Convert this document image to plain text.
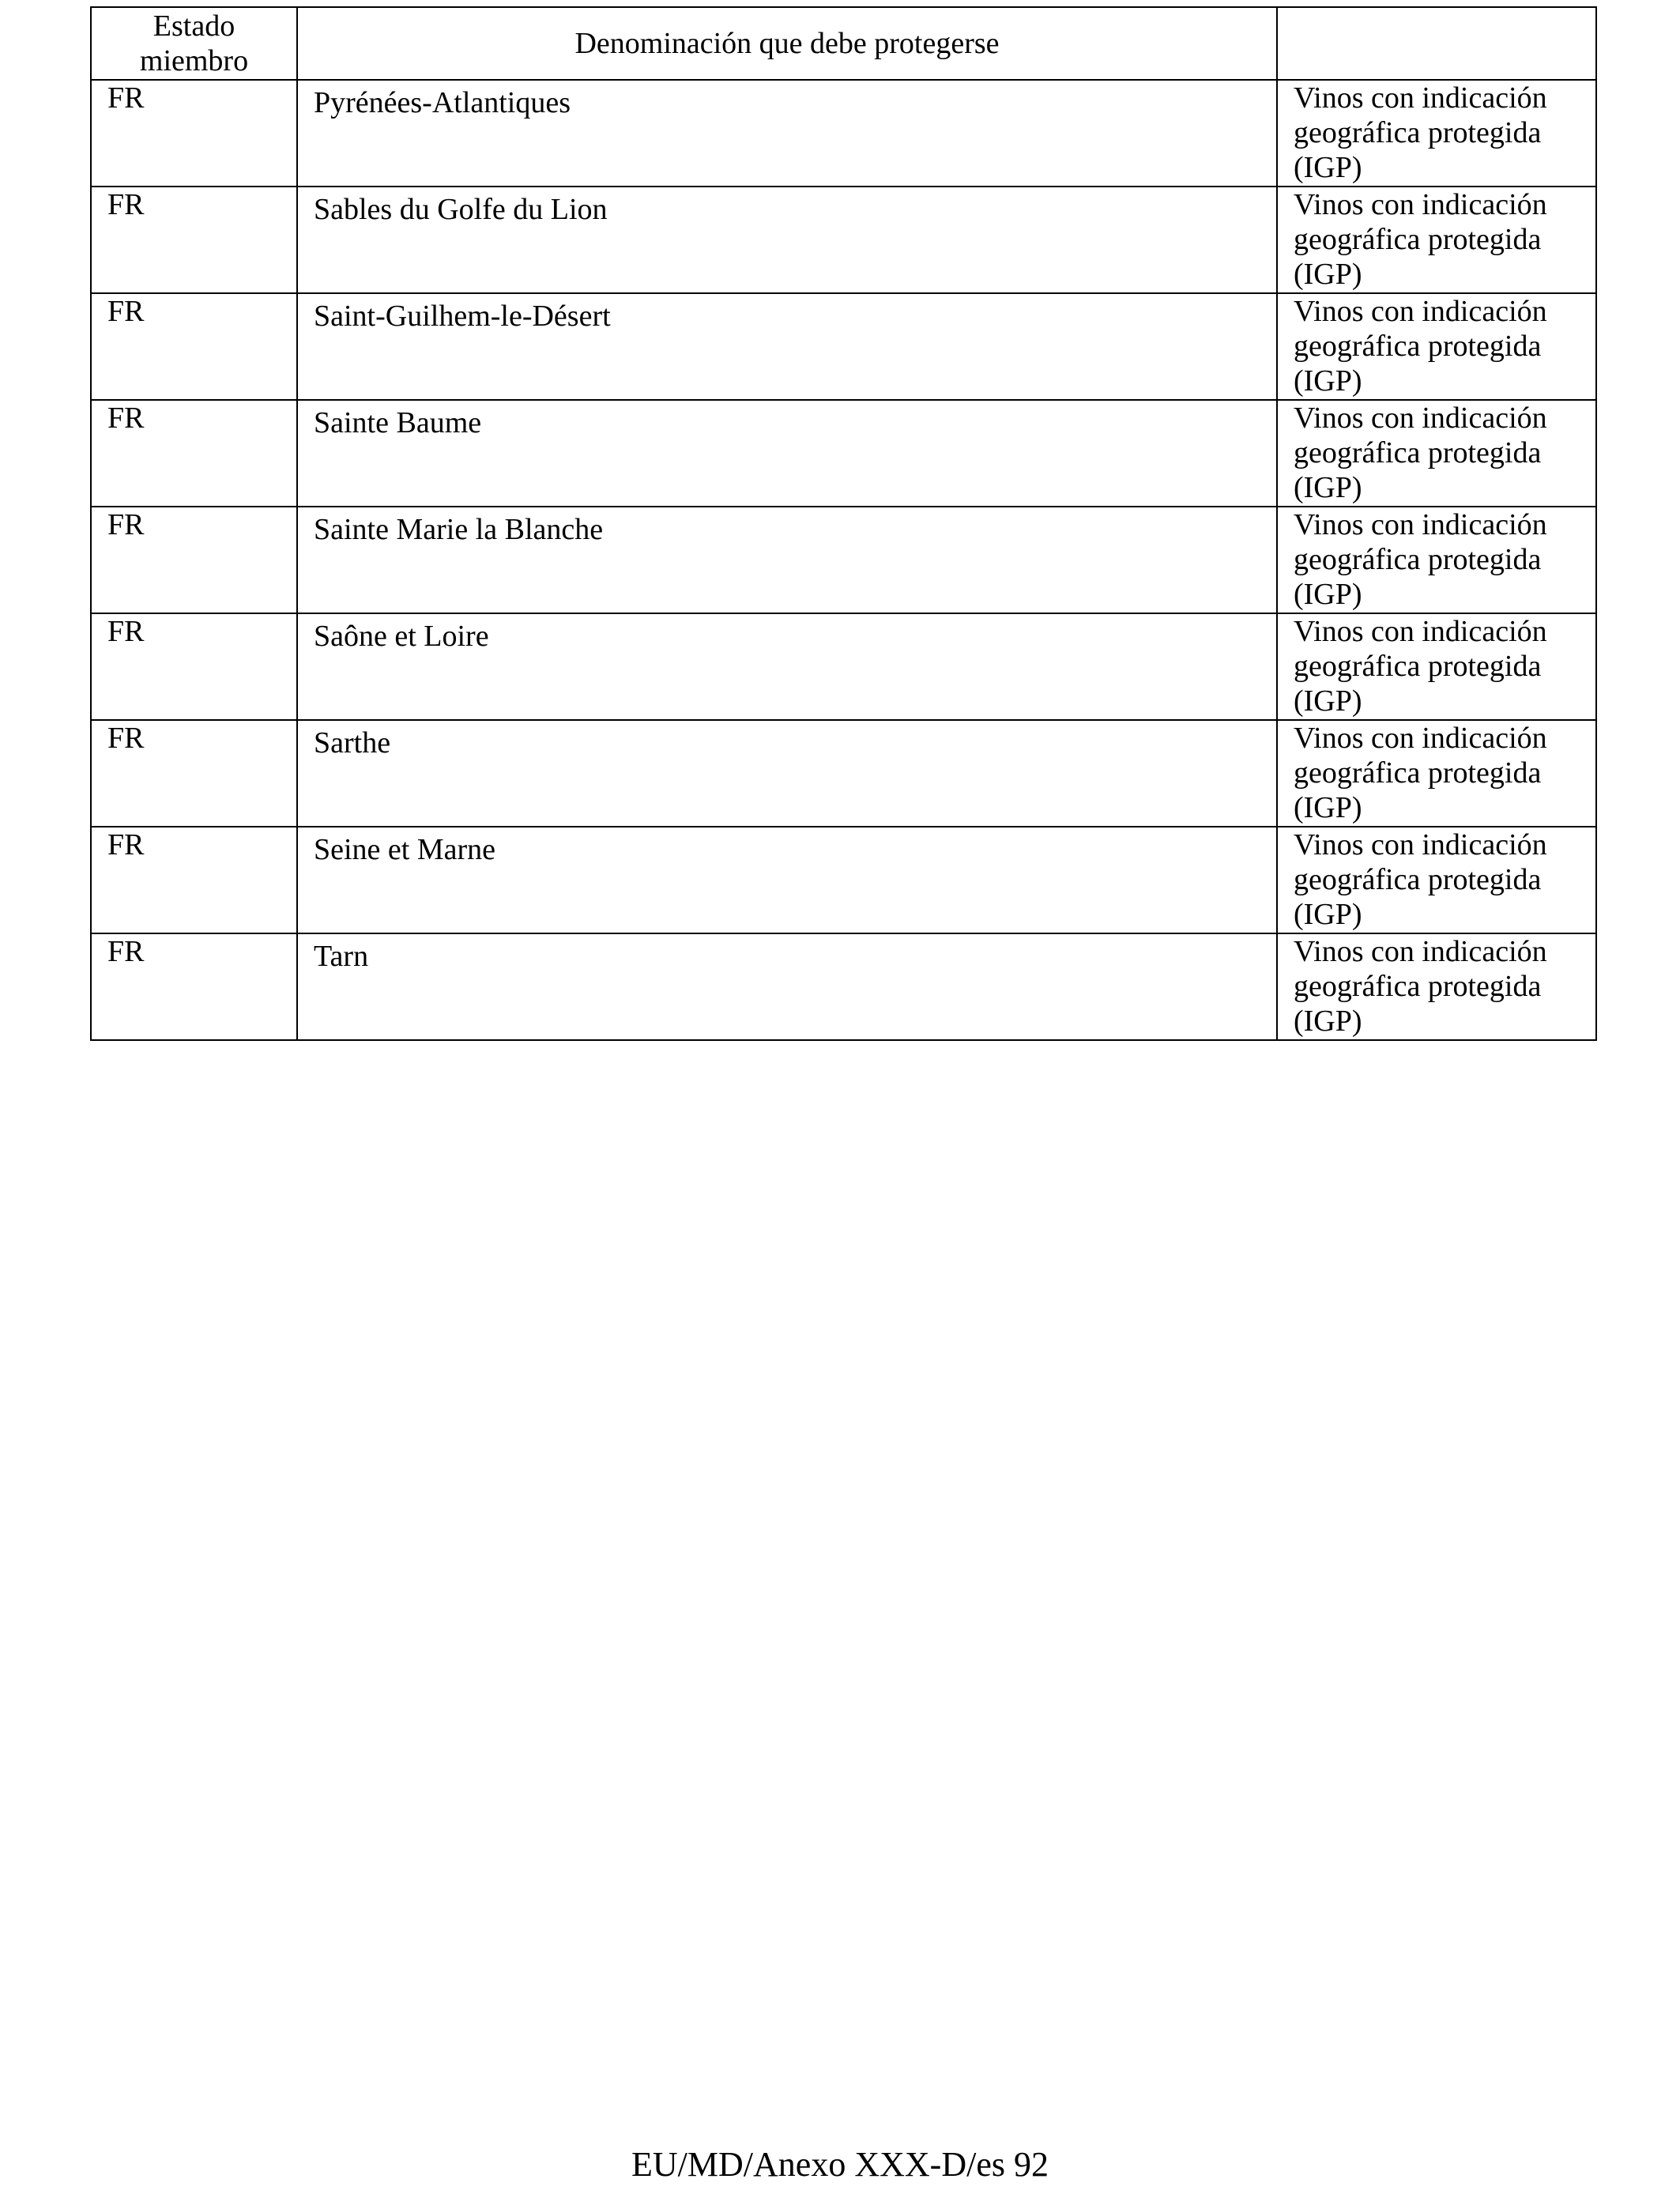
Estado miembro	Denominación que debe protegerse	

FR	Pyrénées-Atlantiques	Vinos con indicación geográfica protegida (IGP)

FR	Sables du Golfe du Lion	Vinos con indicación geográfica protegida (IGP)

FR	Saint-Guilhem-le-Désert	Vinos con indicación geográfica protegida (IGP)

FR	Sainte Baume	Vinos con indicación geográfica protegida (IGP)

FR	Sainte Marie la Blanche	Vinos con indicación geográfica protegida (IGP)

FR	Saône et Loire	Vinos con indicación geográfica protegida (IGP)

FR	Sarthe	Vinos con indicación geográfica protegida (IGP)

FR	Seine et Marne	Vinos con indicación geográfica protegida (IGP)

FR	Tarn	Vinos con indicación geográfica protegida (IGP)
EU/MD/Anexo XXX-D/es 92
